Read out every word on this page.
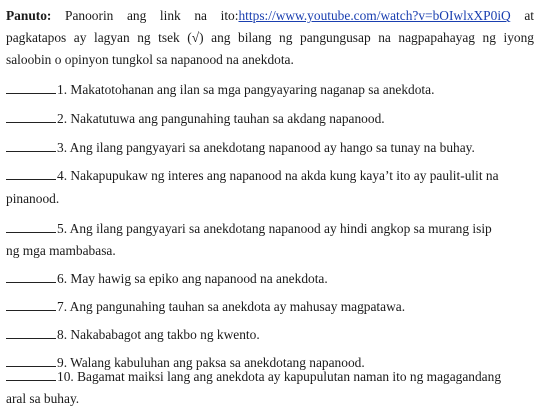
Panuto: Panoorin ang link na ito:https://www.youtube.com/watch?v=bOIwlxXP0iQ at
pagkatapos ay lagyan ng tsek (√) ang bilang ng pangungusap na nagpapahayag ng iyong
saloobin o opinyon tungkol sa napanood na anekdota.
1. Makatotohanan ang ilan sa mga pangyayaring naganap sa anekdota.
2. Nakatutuwa ang pangunahing tauhan sa akdang napanood.
3. Ang ilang pangyayari sa anekdotang napanood ay hango sa tunay na buhay.
4. Nakapupukaw ng interes ang napanood na akda kung kaya’t ito ay paulit-ulit na
pinanood.
5. Ang ilang pangyayari sa anekdotang napanood ay hindi angkop sa murang isip
ng mga mambabasa.
6. May hawig sa epiko ang napanood na anekdota.
7. Ang pangunahing tauhan sa anekdota ay mahusay magpatawa.
8. Nakababagot ang takbo ng kwento.
9. Walang kabuluhan ang paksa sa anekdotang napanood.
10. Bagamat maiksi lang ang anekdota ay kapupulutan naman ito ng magagandang
aral sa buhay.
